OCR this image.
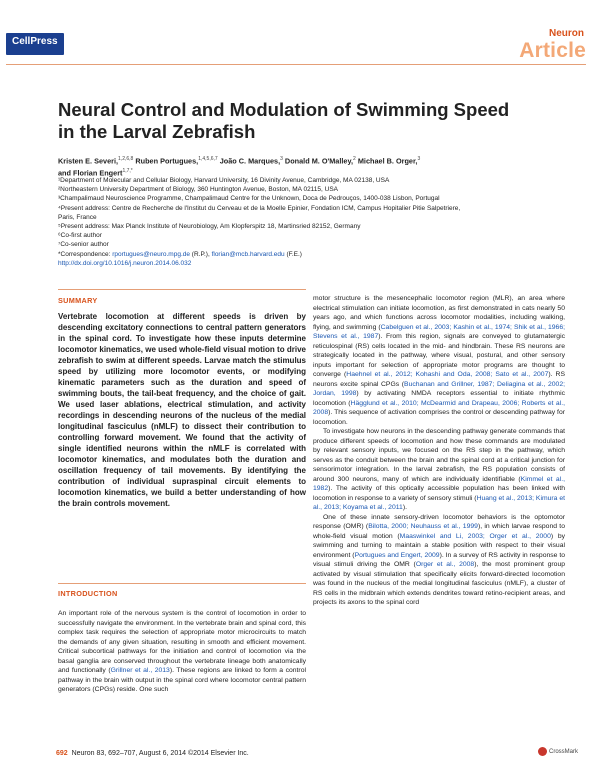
CellPress
Neuron
Article
Neural Control and Modulation of Swimming Speed in the Larval Zebrafish
Kristen E. Severi,$^{1,2,6,8}$ Ruben Portugues,$^{1,4,5,6,7}$ João C. Marques,$^3$ Donald M. O'Malley,$^2$ Michael B. Orger,$^3$
and Florian Engert$^{1,7,*}$
¹Department of Molecular and Cellular Biology, Harvard University, 16 Divinity Avenue, Cambridge, MA 02138, USA
²Northeastern University Department of Biology, 360 Huntington Avenue, Boston, MA 02115, USA
³Champalimaud Neuroscience Programme, Champalimaud Centre for the Unknown, Doca de Pedrouços, 1400-038 Lisbon, Portugal
⁴Present address: Centre de Recherche de l'Institut du Cerveau et de la Moelle Epinier, Fondation ICM, Campus Hopitalier Pitie Salpetriere,
Paris, France
⁵Present address: Max Planck Institute of Neurobiology, Am Klopferspitz 18, Martinsried 82152, Germany
⁶Co-first author
⁷Co-senior author
*Correspondence: rportugues@neuro.mpg.de (R.P.), florian@mcb.harvard.edu (F.E.)
http://dx.doi.org/10.1016/j.neuron.2014.06.032
SUMMARY

Vertebrate locomotion at different speeds is driven by descending excitatory connections to central pattern generators in the spinal cord. To investigate how these inputs determine locomotor kinematics, we used whole-field visual motion to drive zebrafish to swim at different speeds. Larvae match the stimulus speed by utilizing more locomotor events, or modifying kinematic parameters such as the duration and speed of swimming bouts, the tail-beat frequency, and the choice of gait. We used laser ablations, electrical stimulation, and activity recordings in descending neurons of the nucleus of the medial longitudinal fasciculus (nMLF) to dissect their contribution to controlling forward movement. We found that the activity of single identified neurons within the nMLF is correlated with locomotor kinematics, and modulates both the duration and oscillation frequency of tail movements. By identifying the contribution of individual supraspinal circuit elements to locomotion kinematics, we build a better understanding of how the brain controls movement.

INTRODUCTION

An important role of the nervous system is the control of locomotion in order to successfully navigate the environment. In the vertebrate brain and spinal cord, this complex task requires the selection of appropriate motor microcircuits to match the demands of any given situation, resulting in smooth and efficient movement. Critical subcortical pathways for the initiation and control of locomotion via the basal ganglia are conserved throughout the vertebrate lineage both anatomically and functionally (Grillner et al., 2013). These regions are linked to form a control pathway in the brain with output in the spinal cord where locomotor central pattern generators (CPGs) reside. One such

motor structure is the mesencephalic locomotor region (MLR), an area where electrical stimulation can initiate locomotion, as first demonstrated in cats nearly 50 years ago, and which functions across locomotor modalities, including walking, flying, and swimming (Cabelguen et al., 2003; Kashin et al., 1974; Shik et al., 1966; Stevens et al., 1987). From this region, signals are conveyed to glutamatergic reticulospinal (RS) cells located in the mid- and hindbrain. These RS neurons are strategically located in the pathway, where visual, postural, and other sensory inputs important for selection of appropriate motor programs are thought to converge (Haehnel et al., 2012; Kohashi and Oda, 2008; Sato et al., 2007). RS neurons excite spinal CPGs (Buchanan and Grillner, 1987; Deliagina et al., 2002; Jordan, 1998) by activating NMDA receptors essential to initiate rhythmic locomotion (Hägglund et al., 2010; McDearmid and Drapeau, 2006; Roberts et al., 2008). This sequence of activation comprises the control or descending pathway for locomotion.

To investigate how neurons in the descending pathway generate commands that produce different speeds of locomotion and how these commands are modulated by relevant sensory inputs, we focused on the RS step in the pathway, which serves as the conduit between the brain and the spinal cord at a critical junction for sensorimotor integration. In the larval zebrafish, the RS population consists of around 300 neurons, many of which are individually identifiable (Kimmel et al., 1982). The activity of this optically accessible population has been linked with locomotion in response to a variety of sensory stimuli (Huang et al., 2013; Kimura et al., 2013; Koyama et al., 2011).

One of these innate sensory-driven locomotor behaviors is the optomotor response (OMR) (Bilotta, 2000; Neuhauss et al., 1999), in which larvae respond to whole-field visual motion (Maaswinkel and Li, 2003; Orger et al., 2000) by swimming and turning to maintain a stable position with respect to their visual environment (Portugues and Engert, 2009). In a survey of RS activity in response to visual stimuli driving the OMR (Orger et al., 2008), the most prominent group activated by visual stimulation that specifically elicits forward-directed locomotion was found in the nucleus of the medial longitudinal fasciculus (nMLF), a cluster of RS cells in the midbrain which extends dendrites toward retino-recipient areas, and projects its axons to the spinal cord

692 Neuron 83, 692–707, August 6, 2014 ©2014 Elsevier Inc.	CrossMark
